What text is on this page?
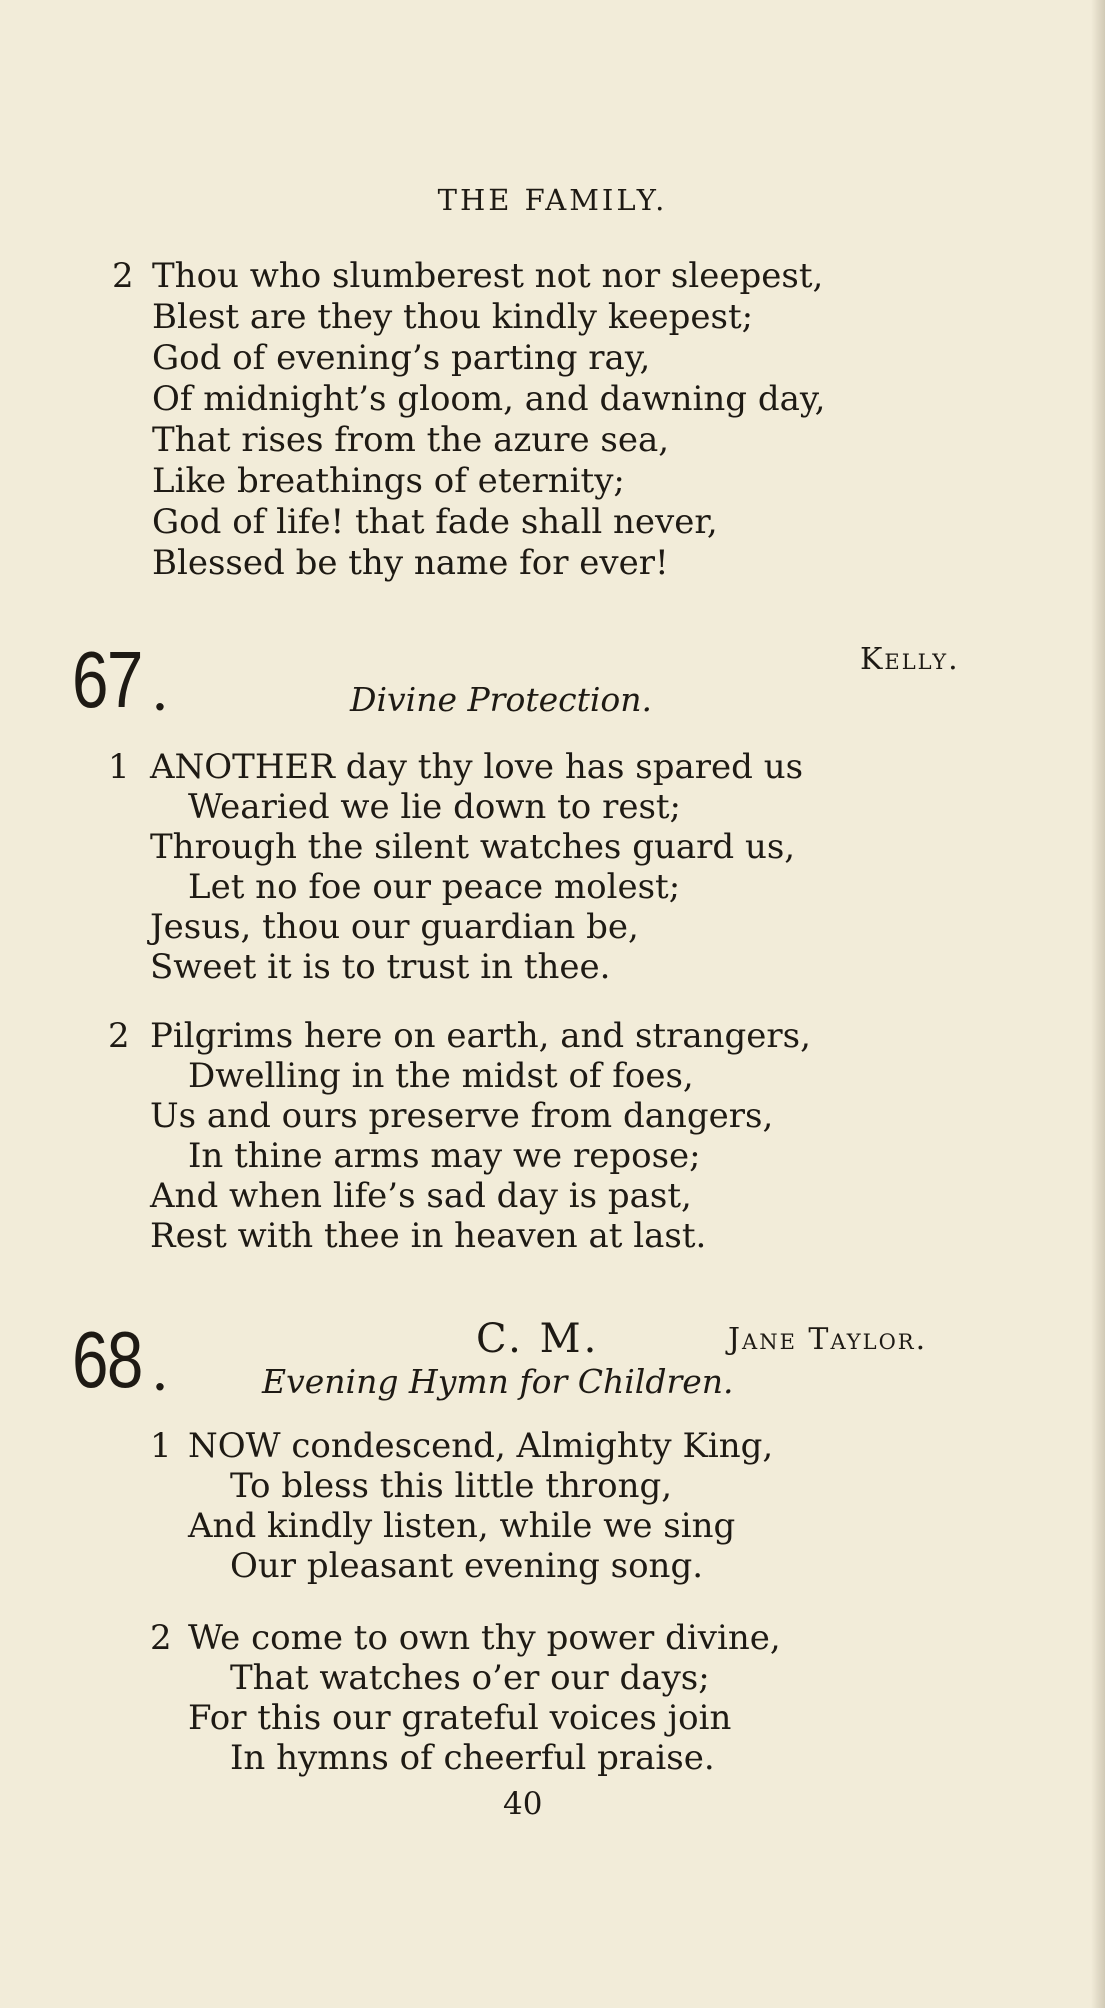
THE FAMILY.
2 Thou who slumberest not nor sleepest,
Blest are they thou kindly keepest;
God of evening’s parting ray,
Of midnight’s gloom, and dawning day,
That rises from the azure sea,
Like breathings of eternity;
God of life! that fade shall never,
Blessed be thy name for ever!
67 .
Kelly.
Divine Protection.
1 ANOTHER day thy love has spared us
Wearied we lie down to rest;
Through the silent watches guard us,
Let no foe our peace molest;
Jesus, thou our guardian be,
Sweet it is to trust in thee.
2 Pilgrims here on earth, and strangers,
Dwelling in the midst of foes,
Us and ours preserve from dangers,
In thine arms may we repose;
And when life’s sad day is past,
Rest with thee in heaven at last.
68 .
C. M.	Jane Taylor.
Evening Hymn for Children.
1 NOW condescend, Almighty King,
To bless this little throng,
And kindly listen, while we sing
Our pleasant evening song.
2 We come to own thy power divine,
That watches o’er our days;
For this our grateful voices join
In hymns of cheerful praise.
40
